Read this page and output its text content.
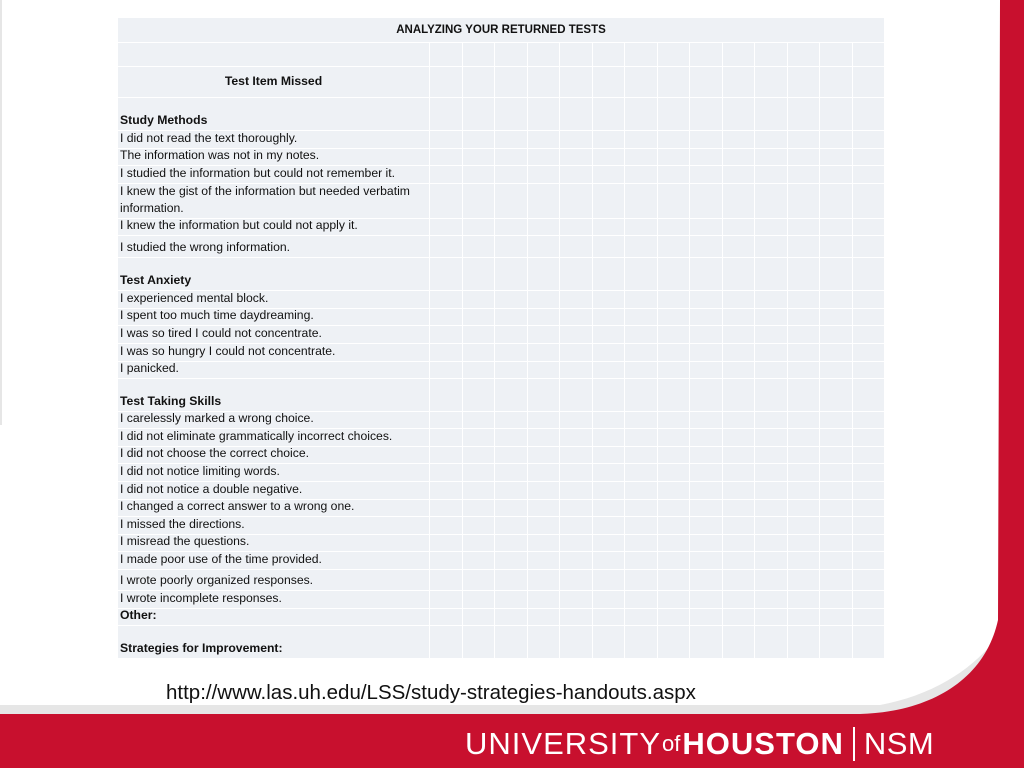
ANALYZING YOUR RETURNED TESTS
Test Item Missed
Study Methods
I did not read the text thoroughly.
The information was not in my notes.
I studied the information but could not remember it.
I knew the gist of the information but needed verbatim information.
I knew the information but could not apply it.
I studied the wrong information.
Test Anxiety
I experienced mental block.
I spent too much time daydreaming.
I was so tired I could not concentrate.
I was so hungry I could not concentrate.
I panicked.
Test Taking Skills
I carelessly marked a wrong choice.
I did not eliminate grammatically incorrect choices.
I did not choose the correct choice.
I did not notice limiting words.
I did not notice a double negative.
I changed a correct answer to a wrong one.
I missed the directions.
I misread the questions.
I made poor use of the time provided.
I wrote poorly organized responses.
I wrote incomplete responses.
Other:
Strategies for Improvement:
http://www.las.uh.edu/LSS/study-strategies-handouts.aspx
UNIVERSITY of HOUSTON NSM
